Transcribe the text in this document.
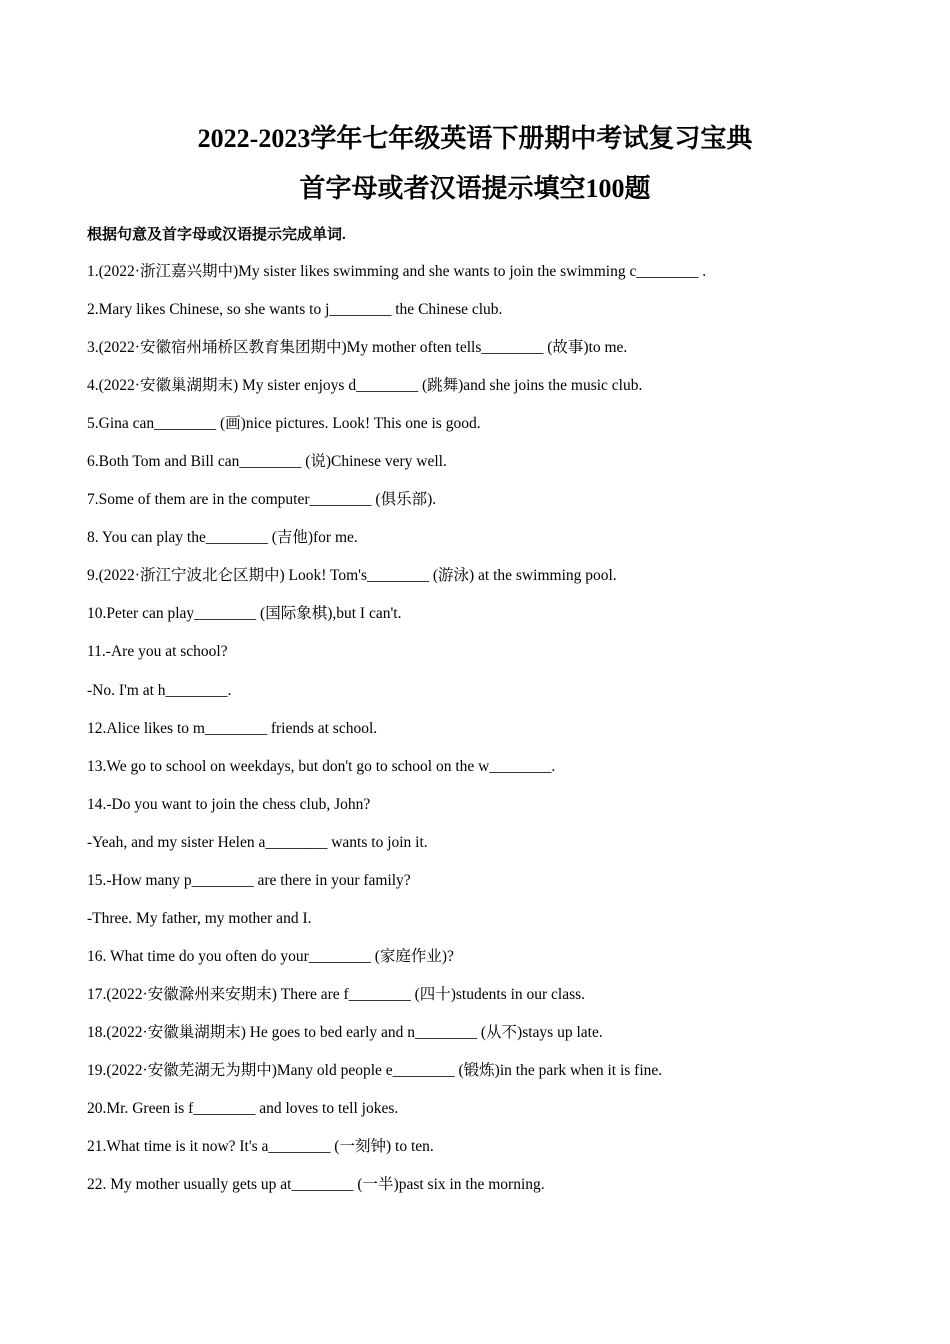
2022-2023学年七年级英语下册期中考试复习宝典
首字母或者汉语提示填空100题
根据句意及首字母或汉语提示完成单词.
1.(2022·浙江嘉兴期中)My sister likes swimming and she wants to join the swimming c________ .
2.Mary likes Chinese, so she wants to j________ the Chinese club.
3.(2022·安徽宿州埇桥区教育集团期中)My mother often tells________ (故事)to me.
4.(2022·安徽巢湖期末) My sister enjoys d________ (跳舞)and she joins the music club.
5.Gina can________ (画)nice pictures. Look! This one is good.
6.Both Tom and Bill can________ (说)Chinese very well.
7.Some of them are in the computer________ (俱乐部).
8. You can play the________ (吉他)for me.
9.(2022·浙江宁波北仑区期中) Look! Tom's________ (游泳) at the swimming pool.
10.Peter can play________ (国际象棋),but I can't.
11.-Are you at school?
-No. I'm at h________.
12.Alice likes to m________ friends at school.
13.We go to school on weekdays, but don't go to school on the w________.
14.-Do you want to join the chess club, John?
-Yeah, and my sister Helen a________ wants to join it.
15.-How many p________ are there in your family?
-Three. My father, my mother and I.
16. What time do you often do your________ (家庭作业)?
17.(2022·安徽滁州来安期末) There are f________ (四十)students in our class.
18.(2022·安徽巢湖期末) He goes to bed early and n________ (从不)stays up late.
19.(2022·安徽芜湖无为期中)Many old people e________ (锻炼)in the park when it is fine.
20.Mr. Green is f________ and loves to tell jokes.
21.What time is it now? It's a________ (一刻钟) to ten.
22. My mother usually gets up at________ (一半)past six in the morning.
